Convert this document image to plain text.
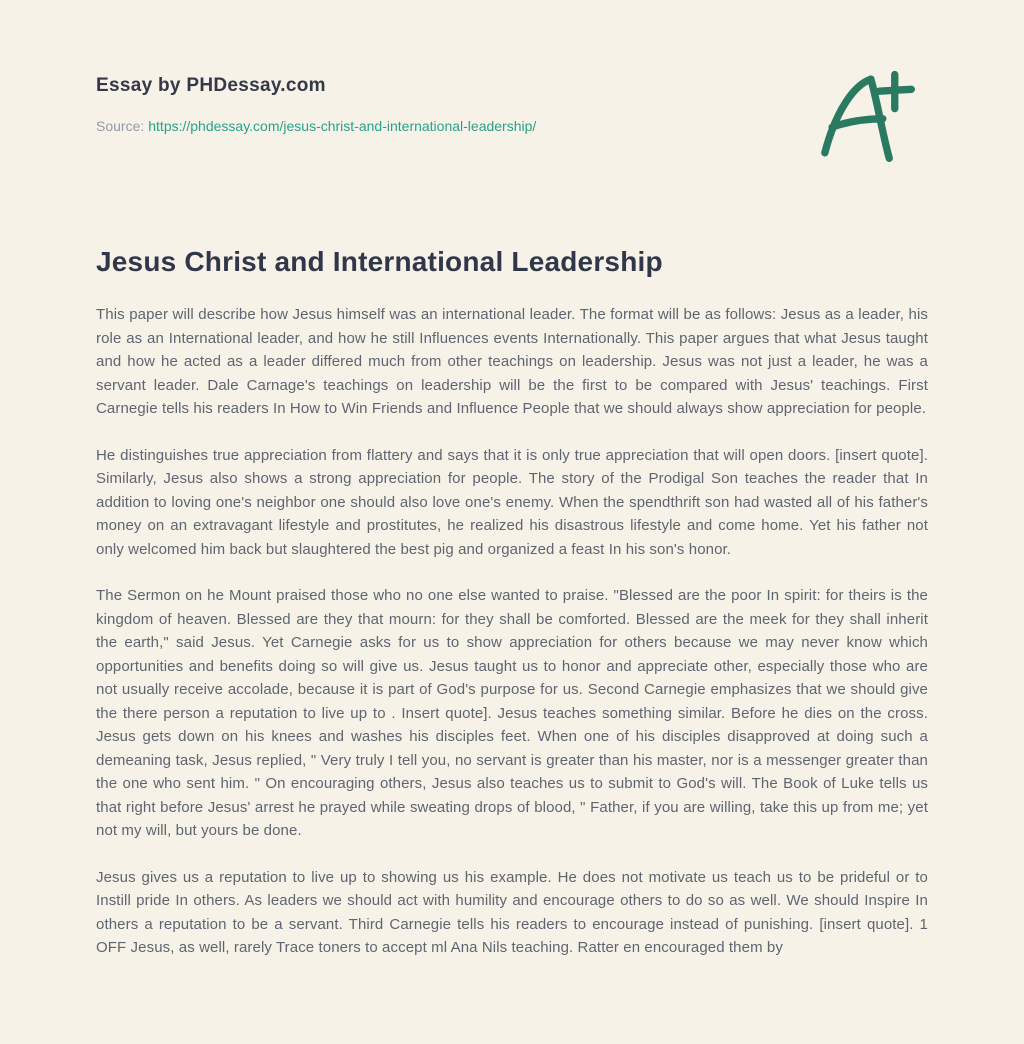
Essay by PHDessay.com

Source: https://phdessay.com/jesus-christ-and-international-leadership/

Jesus Christ and International Leadership

This paper will describe how Jesus himself was an international leader. The format will be as follows: Jesus as a leader, his role as an International leader, and how he still Influences events Internationally. This paper argues that what Jesus taught and how he acted as a leader differed much from other teachings on leadership. Jesus was not just a leader, he was a servant leader. Dale Carnage's teachings on leadership will be the first to be compared with Jesus' teachings. First Carnegie tells his readers In How to Win Friends and Influence People that we should always show appreciation for people.

He distinguishes true appreciation from flattery and says that it is only true appreciation that will open doors. [insert quote]. Similarly, Jesus also shows a strong appreciation for people. The story of the Prodigal Son teaches the reader that In addition to loving one's neighbor one should also love one's enemy. When the spendthrift son had wasted all of his father's money on an extravagant lifestyle and prostitutes, he realized his disastrous lifestyle and come home. Yet his father not only welcomed him back but slaughtered the best pig and organized a feast In his son's honor.

The Sermon on he Mount praised those who no one else wanted to praise. "Blessed are the poor In spirit: for theirs is the kingdom of heaven. Blessed are they that mourn: for they shall be comforted. Blessed are the meek for they shall inherit the earth," said Jesus. Yet Carnegie asks for us to show appreciation for others because we may never know which opportunities and benefits doing so will give us. Jesus taught us to honor and appreciate other, especially those who are not usually receive accolade, because it is part of God's purpose for us. Second Carnegie emphasizes that we should give the there person a reputation to live up to . Insert quote]. Jesus teaches something similar. Before he dies on the cross. Jesus gets down on his knees and washes his disciples feet. When one of his disciples disapproved at doing such a demeaning task, Jesus replied, " Very truly I tell you, no servant is greater than his master, nor is a messenger greater than the one who sent him. " On encouraging others, Jesus also teaches us to submit to God's will. The Book of Luke tells us that right before Jesus' arrest he prayed while sweating drops of blood, " Father, if you are willing, take this up from me; yet not my will, but yours be done.

Jesus gives us a reputation to live up to showing us his example. He does not motivate us teach us to be prideful or to Instill pride In others. As leaders we should act with humility and encourage others to do so as well. We should Inspire In others a reputation to be a servant. Third Carnegie tells his readers to encourage instead of punishing. [insert quote]. 1 OFF Jesus, as well, rarely Trace toners to accept ml Ana Nils teaching. Ratter en encouraged them by
